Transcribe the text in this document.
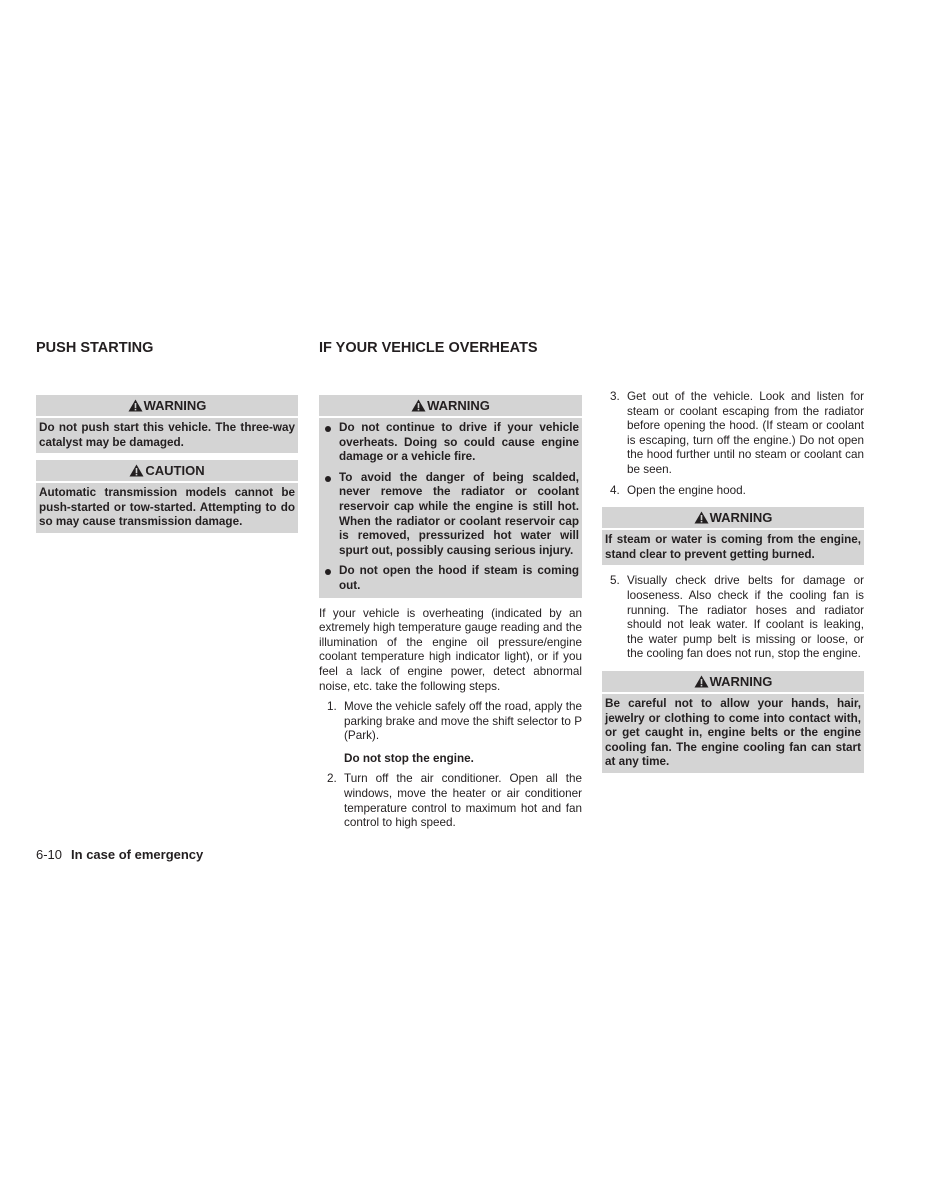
PUSH STARTING
WARNING
Do not push start this vehicle. The three-way catalyst may be damaged.
CAUTION
Automatic transmission models cannot be push-started or tow-started. Attempting to do so may cause transmission damage.
IF YOUR VEHICLE OVERHEATS
WARNING
Do not continue to drive if your vehicle overheats. Doing so could cause engine damage or a vehicle fire.
To avoid the danger of being scalded, never remove the radiator or coolant reservoir cap while the engine is still hot. When the radiator or coolant reservoir cap is removed, pressurized hot water will spurt out, possibly causing serious injury.
Do not open the hood if steam is coming out.

If your vehicle is overheating (indicated by an extremely high temperature gauge reading and the illumination of the engine oil pressure/engine coolant temperature high indicator light), or if you feel a lack of engine power, detect abnormal noise, etc. take the following steps.

1. Move the vehicle safely off the road, apply the parking brake and move the shift selector to P (Park).
Do not stop the engine.
2. Turn off the air conditioner. Open all the windows, move the heater or air conditioner temperature control to maximum hot and fan control to high speed.
3. Get out of the vehicle. Look and listen for steam or coolant escaping from the radiator before opening the hood. (If steam or coolant is escaping, turn off the engine.) Do not open the hood further until no steam or coolant can be seen.
4. Open the engine hood.
WARNING
If steam or water is coming from the engine, stand clear to prevent getting burned.
5. Visually check drive belts for damage or looseness. Also check if the cooling fan is running. The radiator hoses and radiator should not leak water. If coolant is leaking, the water pump belt is missing or loose, or the cooling fan does not run, stop the engine.
WARNING
Be careful not to allow your hands, hair, jewelry or clothing to come into contact with, or get caught in, engine belts or the engine cooling fan. The engine cooling fan can start at any time.
6-10 In case of emergency
